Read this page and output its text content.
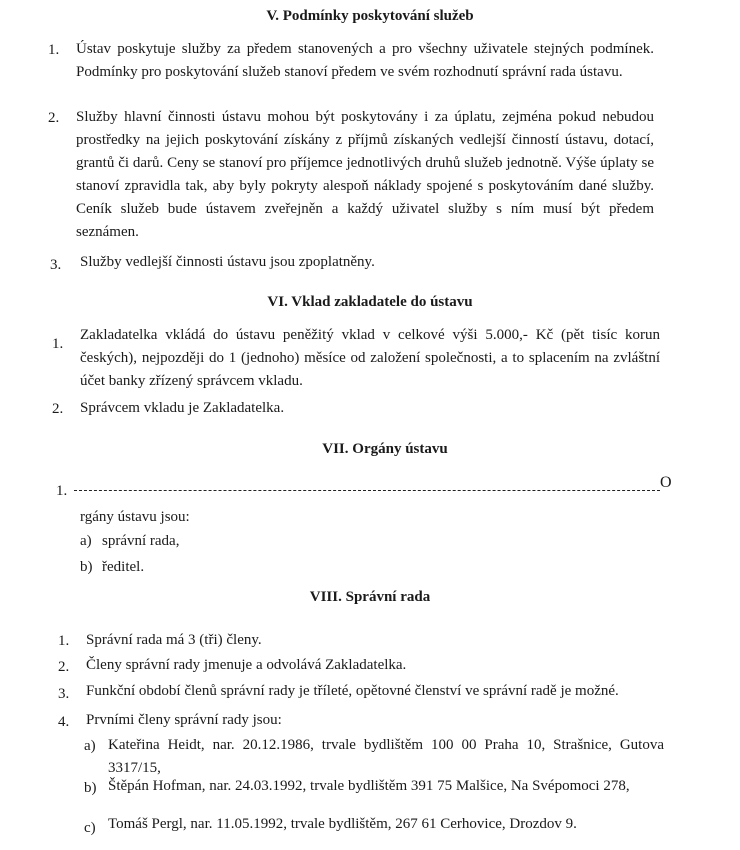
V. Podmínky poskytování služeb
1. Ústav poskytuje služby za předem stanovených a pro všechny uživatele stejných podmínek. Podmínky pro poskytování služeb stanoví předem ve svém rozhodnutí správní rada ústavu.
2. Služby hlavní činnosti ústavu mohou být poskytovány i za úplatu, zejména pokud nebudou prostředky na jejich poskytování získány z příjmů získaných vedlejší činností ústavu, dotací, grantů či darů. Ceny se stanoví pro příjemce jednotlivých druhů služeb jednotně. Výše úplaty se stanoví zpravidla tak, aby byly pokryty alespoň náklady spojené s poskytováním dané služby. Ceník služeb bude ústavem zveřejněn a každý uživatel služby s ním musí být předem seznámen.
3. Služby vedlejší činnosti ústavu jsou zpoplatněny.
VI. Vklad zakladatele do ústavu
1.
Zakladatelka vkládá do ústavu peněžitý vklad v celkové výši 5.000,- Kč (pět tisíc korun českých), nejpozději do 1 (jednoho) měsíce od založení společnosti, a to splacením na zvláštní účet banky zřízený správcem vkladu.
2. Správcem vkladu je Zakladatelka.
VII. Orgány ústavu
1.	O
rgány ústavu jsou:
a) správní rada,
b) ředitel.
VIII. Správní rada
1. Správní rada má 3 (tři) členy.
2. Členy správní rady jmenuje a odvolává Zakladatelka.
3. Funkční období členů správní rady je tříleté, opětovné členství ve správní radě je možné.
4. Prvními členy správní rady jsou:
a) Kateřina Heidt, nar. 20.12.1986, trvale bydlištěm 100 00 Praha 10, Strašnice, Gutova 3317/15,
b) Štěpán Hofman, nar. 24.03.1992, trvale bydlištěm 391 75 Malšice, Na Svépomoci 278,
c) Tomáš Pergl, nar. 11.05.1992, trvale bydlištěm, 267 61 Cerhovice, Drozdov 9.
